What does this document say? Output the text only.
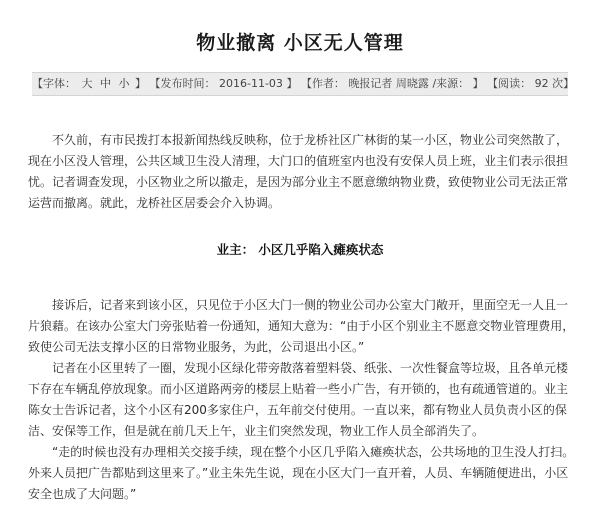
物业撤离 小区无人管理
【字体： 大 中 小 】 【发布时间： 2016-11-03 】 【作者： 晚报记者 周晓露 /来源： 】 【阅读： 92 次】

不久前，有市民拨打本报新闻热线反映称，位于龙桥社区广林街的某一小区，物业公司突然散了，现在小区没人管理，公共区域卫生没人清理，大门口的值班室内也没有安保人员上班，业主们表示很担忧。记者调查发现，小区物业之所以撤走，是因为部分业主不愿意缴纳物业费，致使物业公司无法正常运营而撤离。就此，龙桥社区居委会介入协调。

业主： 小区几乎陷入瘫痪状态

接诉后，记者来到该小区，只见位于小区大门一侧的物业公司办公室大门敞开，里面空无一人且一片狼藉。在该办公室大门旁张贴着一份通知，通知大意为：“由于小区个别业主不愿意交物业管理费用，致使公司无法支撑小区的日常物业服务，为此，公司退出小区。”

记者在小区里转了一圈，发现小区绿化带旁散落着塑料袋、纸张、一次性餐盒等垃圾，且各单元楼下存在车辆乱停放现象。而小区道路两旁的楼层上贴着一些小广告，有开锁的，也有疏通管道的。业主陈女士告诉记者，这个小区有200多家住户，五年前交付使用。一直以来，都有物业人员负责小区的保洁、安保等工作，但是就在前几天上午，业主们突然发现，物业工作人员全部消失了。

“走的时候也没有办理相关交接手续，现在整个小区几乎陷入瘫痪状态，公共场地的卫生没人打扫。外来人员把广告都贴到这里来了。”业主朱先生说，现在小区大门一直开着，人员、车辆随便进出，小区安全也成了大问题。”
